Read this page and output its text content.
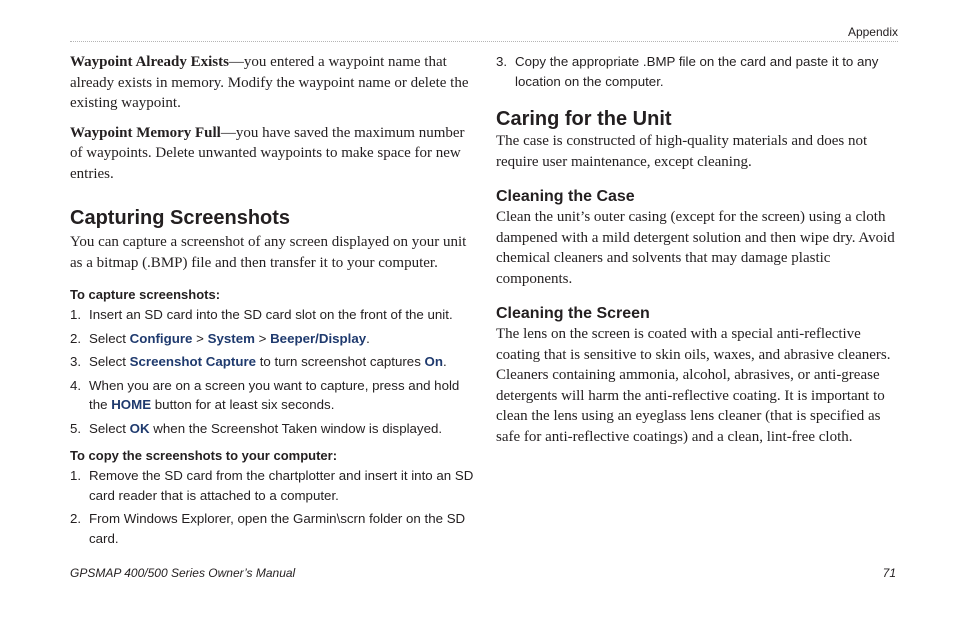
Appendix

Waypoint Already Exists—you entered a waypoint name that already exists in memory. Modify the waypoint name or delete the existing waypoint.

Waypoint Memory Full—you have saved the maximum number of waypoints. Delete unwanted waypoints to make space for new entries.

Capturing Screenshots

You can capture a screenshot of any screen displayed on your unit as a bitmap (.BMP) file and then transfer it to your computer.

To capture screenshots:

1. Insert an SD card into the SD card slot on the front of the unit.
2. Select Configure > System > Beeper/Display.
3. Select Screenshot Capture to turn screenshot captures On.
4. When you are on a screen you want to capture, press and hold the HOME button for at least six seconds.
5. Select OK when the Screenshot Taken window is displayed.

To copy the screenshots to your computer:

1. Remove the SD card from the chartplotter and insert it into an SD card reader that is attached to a computer.
2. From Windows Explorer, open the Garmin\scrn folder on the SD card.
3. Copy the appropriate .BMP file on the card and paste it to any location on the computer.
Caring for the Unit

The case is constructed of high-quality materials and does not require user maintenance, except cleaning.

Cleaning the Case

Clean the unit’s outer casing (except for the screen) using a cloth dampened with a mild detergent solution and then wipe dry. Avoid chemical cleaners and solvents that may damage plastic components.

Cleaning the Screen

The lens on the screen is coated with a special anti-reflective coating that is sensitive to skin oils, waxes, and abrasive cleaners. Cleaners containing ammonia, alcohol, abrasives, or anti-grease detergents will harm the anti-reflective coating. It is important to clean the lens using an eyeglass lens cleaner (that is specified as safe for anti-reflective coatings) and a clean, lint-free cloth.

GPSMAP 400/500 Series Owner’s Manual	71
